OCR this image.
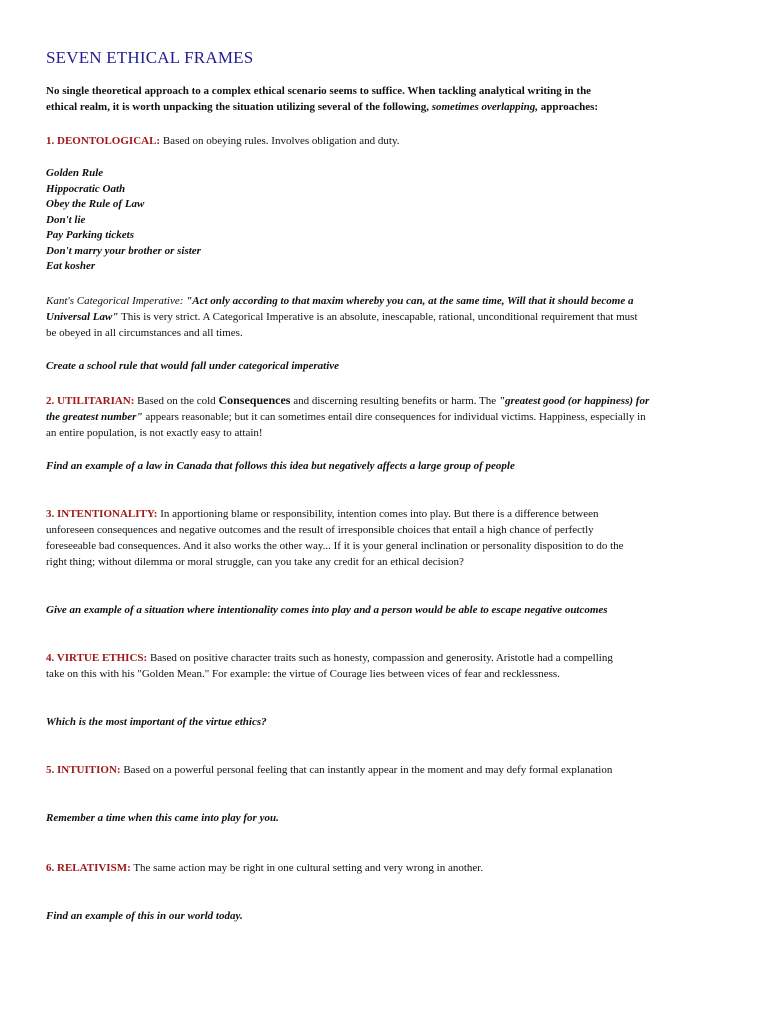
SEVEN ETHICAL FRAMES
No single theoretical approach to a complex ethical scenario seems to suffice. When tackling analytical writing in the
ethical realm, it is worth unpacking the situation utilizing several of the following, sometimes overlapping, approaches:
1. DEONTOLOGICAL: Based on obeying rules. Involves obligation and duty.
Golden Rule
Hippocratic Oath
Obey the Rule of Law
Don't lie
Pay Parking tickets
Don't marry your brother or sister
Eat kosher
Kant's Categorical Imperative: "Act only according to that maxim whereby you can, at the same time, Will that it should become a
Universal Law" This is very strict. A Categorical Imperative is an absolute, inescapable, rational, unconditional requirement that must
be obeyed in all circumstances and all times.
Create a school rule that would fall under categorical imperative
2. UTILITARIAN: Based on the cold Consequences and discerning resulting benefits or harm. The "greatest good (or happiness) for
the greatest number" appears reasonable; but it can sometimes entail dire consequences for individual victims. Happiness, especially in
an entire population, is not exactly easy to attain!
Find an example of a law in Canada that follows this idea but negatively affects a large group of people
3. INTENTIONALITY: In apportioning blame or responsibility, intention comes into play. But there is a difference between
unforeseen consequences and negative outcomes and the result of irresponsible choices that entail a high chance of perfectly
foreseeable bad consequences. And it also works the other way... If it is your general inclination or personality disposition to do the
right thing; without dilemma or moral struggle, can you take any credit for an ethical decision?
Give an example of a situation where intentionality comes into play and a person would be able to escape negative outcomes
4. VIRTUE ETHICS: Based on positive character traits such as honesty, compassion and generosity. Aristotle had a compelling
take on this with his "Golden Mean." For example: the virtue of Courage lies between vices of fear and recklessness.
Which is the most important of the virtue ethics?
5. INTUITION: Based on a powerful personal feeling that can instantly appear in the moment and may defy formal explanation
Remember a time when this came into play for you.
6. RELATIVISM: The same action may be right in one cultural setting and very wrong in another.
Find an example of this in our world today.
